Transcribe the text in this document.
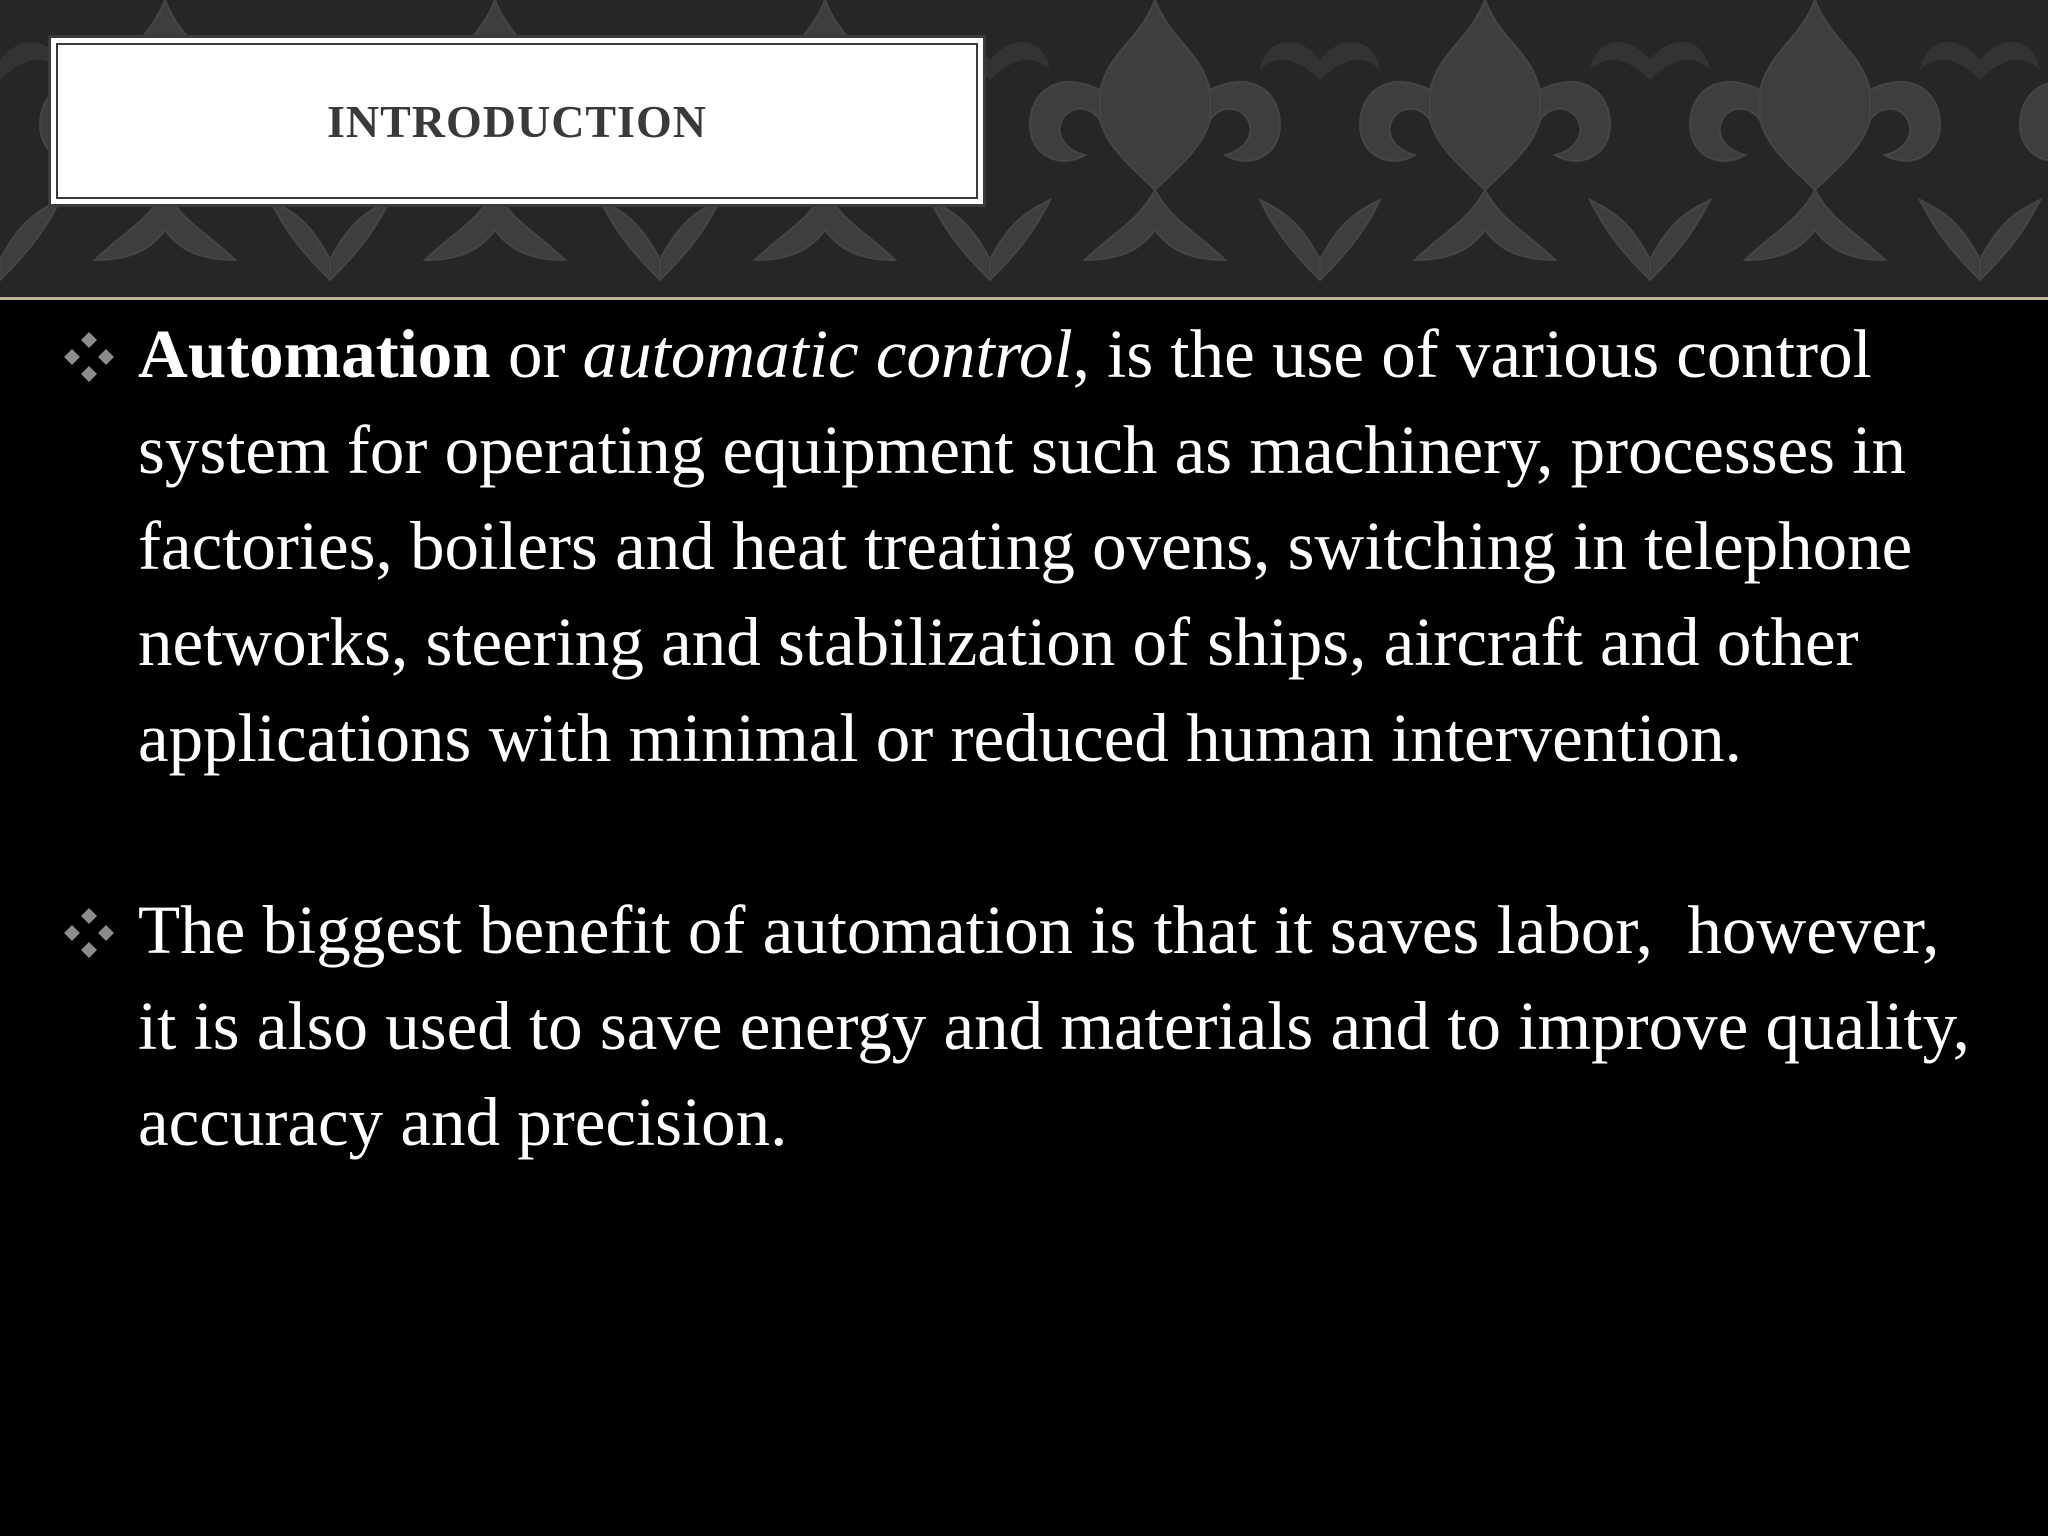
INTRODUCTION
Automation or automatic control, is the use of various control system for operating equipment such as machinery, processes in factories, boilers and heat treating ovens, switching in telephone networks, steering and stabilization of ships, aircraft and other applications with minimal or reduced human intervention.
The biggest benefit of automation is that it saves labor,  however, it is also used to save energy and materials and to improve quality, accuracy and precision.
